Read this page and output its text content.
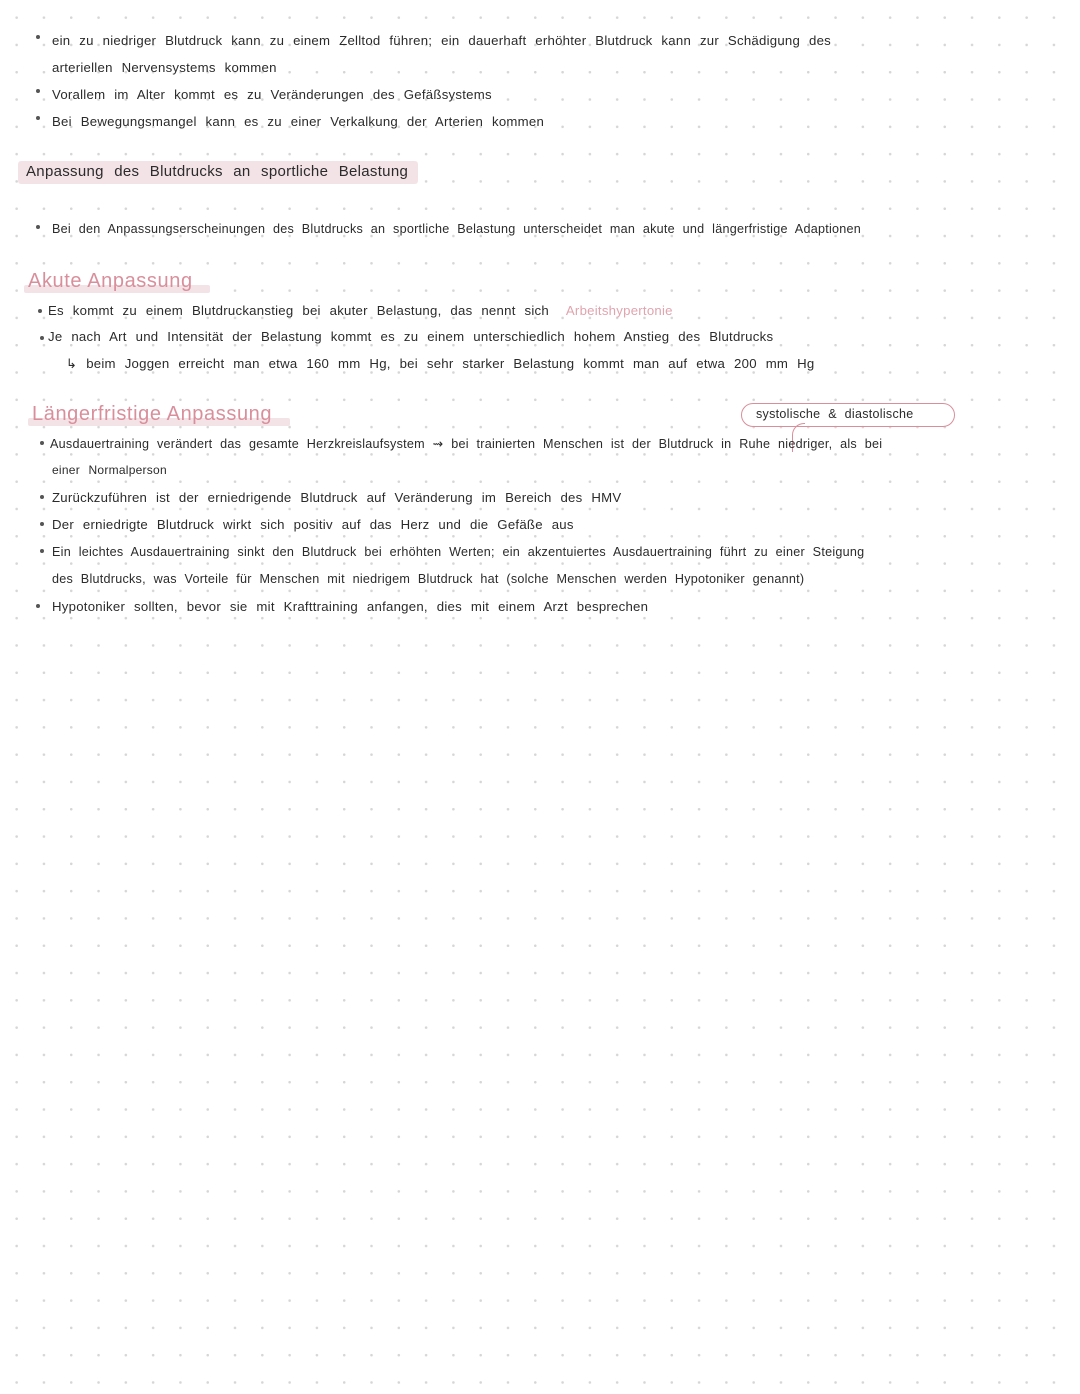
ein zu niedriger Blutdruck kann zu einem Zelltod führen; ein dauerhaft erhöhter Blutdruck kann zur Schädigung des
arteriellen Nervensystems kommen
Vorallem im Alter kommt es zu Veränderungen des Gefäßsystems
Bei Bewegungsmangel kann es zu einer Verkalkung der Arterien kommen
Anpassung des Blutdrucks an sportliche Belastung
Bei den Anpassungserscheinungen des Blutdrucks an sportliche Belastung unterscheidet man akute und längerfristige Adaptionen
Akute Anpassung
Es kommt zu einem Blutdruckanstieg bei akuter Belastung, das nennt sich Arbeitshypertonie
Je nach Art und Intensität der Belastung kommt es zu einem unterschiedlich hohem Anstieg des Blutdrucks
↳ beim Joggen erreicht man etwa 160 mm Hg, bei sehr starker Belastung kommt man auf etwa 200 mm Hg
Längerfristige Anpassung	systolische & diastolische
Ausdauertraining verändert das gesamte Herzkreislaufsystem ⇝ bei trainierten Menschen ist der Blutdruck in Ruhe niedriger, als bei
einer Normalperson
Zurückzuführen ist der erniedrigende Blutdruck auf Veränderung im Bereich des HMV
Der erniedrigte Blutdruck wirkt sich positiv auf das Herz und die Gefäße aus
Ein leichtes Ausdauertraining sinkt den Blutdruck bei erhöhten Werten; ein akzentuiertes Ausdauertraining führt zu einer Steigung
des Blutdrucks, was Vorteile für Menschen mit niedrigem Blutdruck hat (solche Menschen werden Hypotoniker genannt)
Hypotoniker sollten, bevor sie mit Krafttraining anfangen, dies mit einem Arzt besprechen
